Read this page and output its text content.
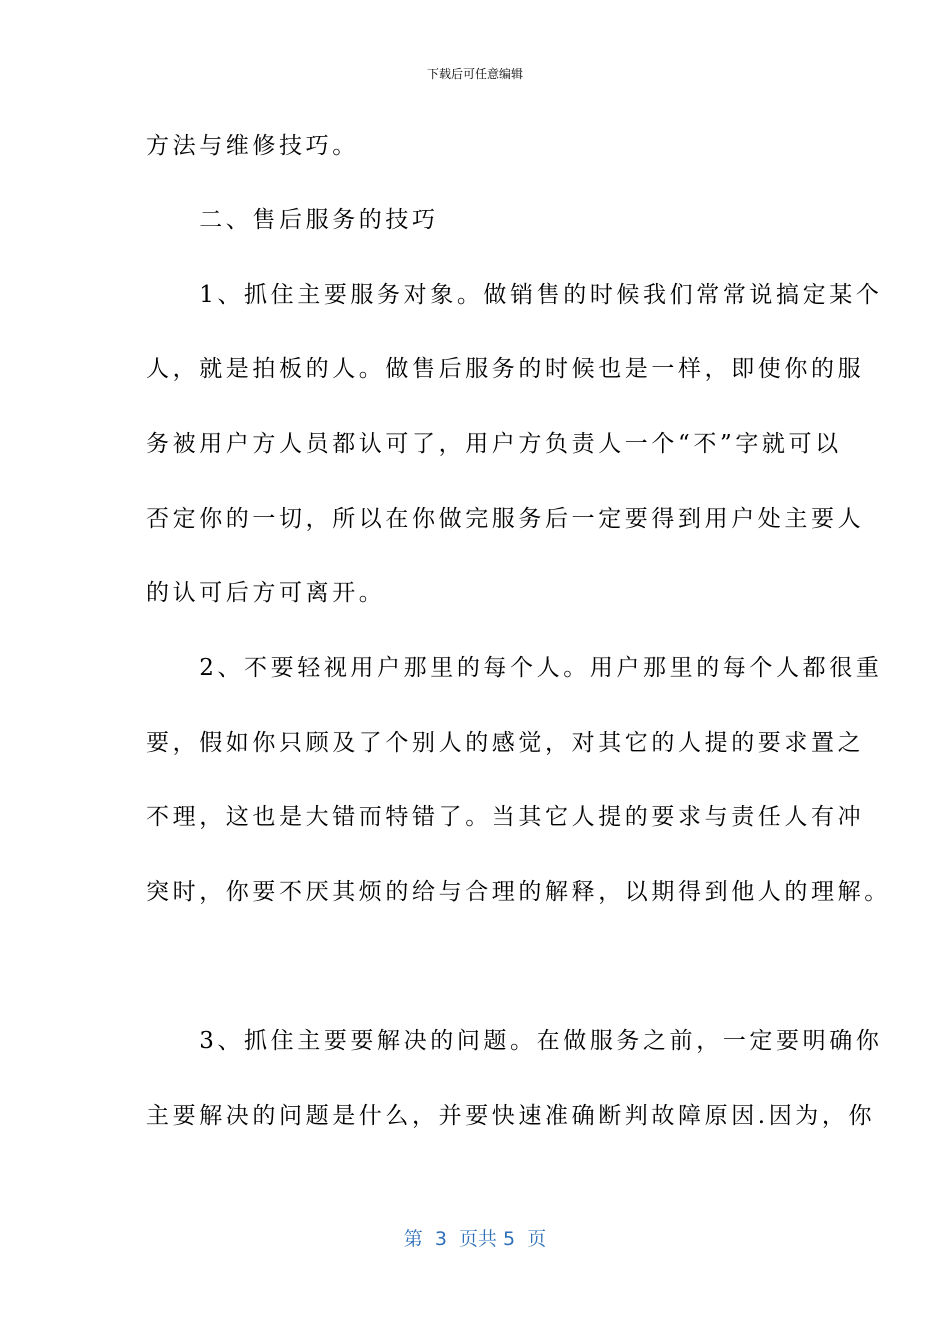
下载后可任意编辑
方法与维修技巧。
　　二、售后服务的技巧
　　1、抓住主要服务对象。做销售的时候我们常常说搞定某个
人，就是拍板的人。做售后服务的时候也是一样，即使你的服
务被用户方人员都认可了，用户方负责人一个“不”字就可以
否定你的一切，所以在你做完服务后一定要得到用户处主要人
的认可后方可离开。
　　2、不要轻视用户那里的每个人。用户那里的每个人都很重
要，假如你只顾及了个别人的感觉，对其它的人提的要求置之
不理，这也是大错而特错了。当其它人提的要求与责任人有冲
突时，你要不厌其烦的给与合理的解释，以期得到他人的理解。
　　3、抓住主要要解决的问题。在做服务之前，一定要明确你
主要解决的问题是什么，并要快速准确断判故障原因.因为，你
第  3  页共 5  页
